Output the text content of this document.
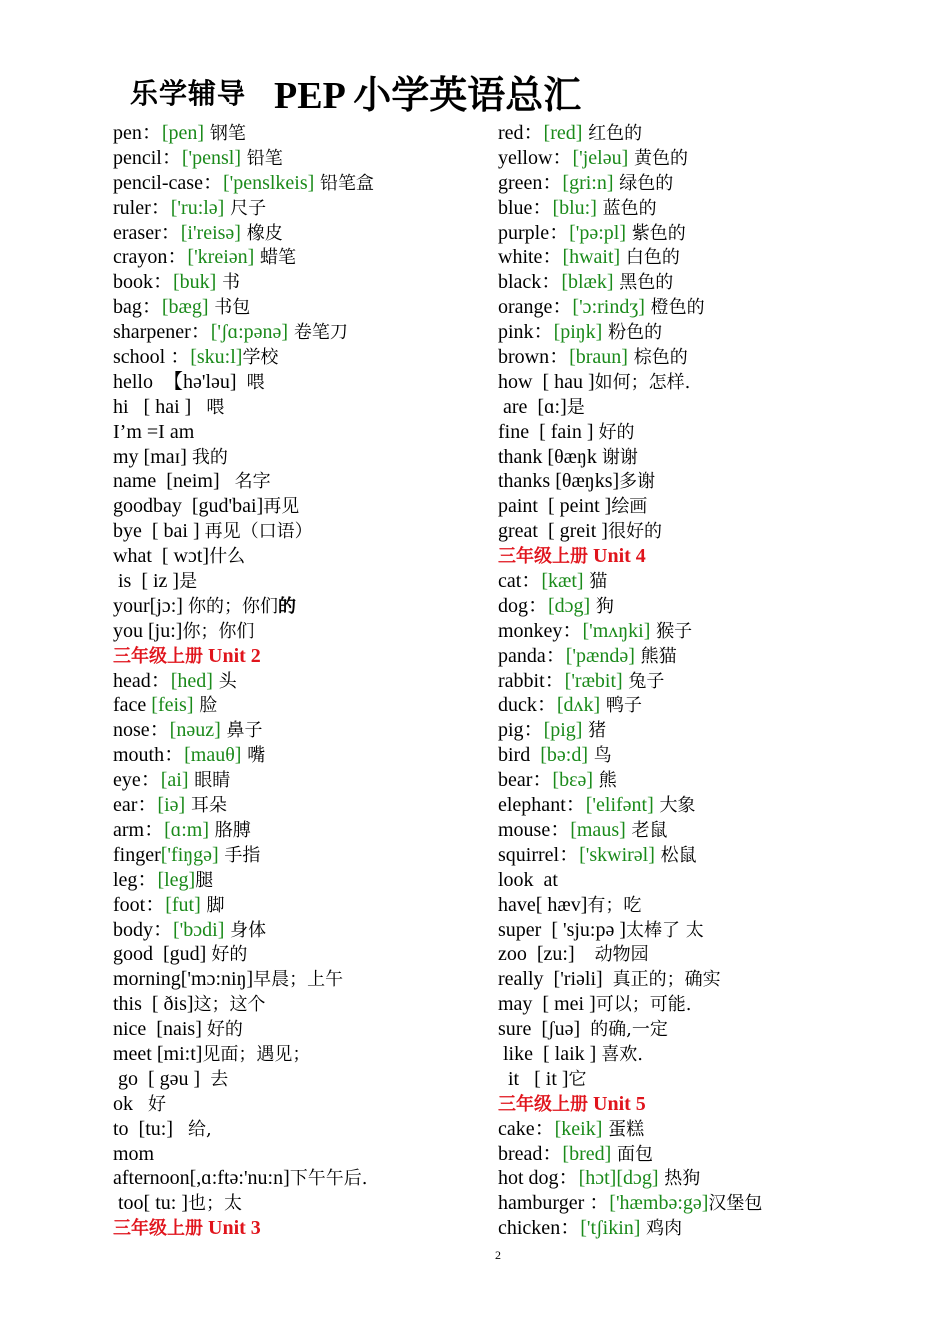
乐学辅导 PEP 小学英语总汇
pen：[pen] 钢笔
pencil：['pensl] 铅笔
pencil-case：['penslkeis] 铅笔盒
ruler：['ru:lə] 尺子
eraser：[i'reisə] 橡皮
crayon：['kreiən] 蜡笔
book：[buk] 书
bag：[bæg] 书包
sharpener：['ʃɑ:pənə] 卷笔刀
school ：[sku:l]学校
hello  【hə'ləu]  喂
hi   [ hai ]   喂
I’m =I am
my [maɪ] 我的
name  [neim]   名字
goodbay  [gud'bai]再见
bye  [ bai ] 再见（口语）
what  [ wɔt]什么
is  [ iz ]是
your[jɔ:] 你的；你们的
you [ju:]你；你们
三年级上册 Unit 2
head：[hed] 头
face [feis] 脸
nose：[nəuz] 鼻子
mouth：[mauθ] 嘴
eye：[ai] 眼睛
ear：[iə] 耳朵
arm：[ɑ:m] 胳膊
finger['fiŋgə] 手指
leg：[leg]腿
foot：[fut] 脚
body：['bɔdi] 身体
good  [gud] 好的
morning['mɔ:niŋ]早晨；上午
this  [ ðis]这；这个
nice  [nais] 好的
meet [mi:t]见面；遇见；
go  [ gəu ]  去
ok   好
to  [tu:]   给,
mom
afternoon[,ɑ:ftə:'nu:n]下午午后.
too[ tu: ]也；太
三年级上册 Unit 3
red：[red] 红色的
yellow：['jeləu] 黄色的
green：[gri:n] 绿色的
blue：[blu:] 蓝色的
purple：['pə:pl] 紫色的
white：[hwait] 白色的
black：[blæk] 黑色的
orange：['ɔ:rindʒ] 橙色的
pink：[piŋk] 粉色的
brown：[braun] 棕色的
how  [ hau ]如何；怎样.
are  [ɑ:]是
fine  [ fain ] 好的
thank [θæŋk 谢谢
thanks [θæŋks]多谢
paint  [ peint ]绘画
great  [ greit ]很好的
三年级上册 Unit 4
cat：[kæt] 猫
dog：[dɔg] 狗
monkey：['mʌŋki] 猴子
panda：['pændə] 熊猫
rabbit：['ræbit] 兔子
duck：[dʌk] 鸭子
pig：[pig] 猪
bird  [bə:d] 鸟
bear：[bεə] 熊
elephant：['elifənt] 大象
mouse：[maus] 老鼠
squirrel：['skwirəl] 松鼠
look  at
have[ hæv]有；吃
super  [ 'sju:pə ]太棒了 太
zoo  [zu:]    动物园
really  ['riəli]  真正的；确实
may  [ mei ]可以；可能.
sure  [ʃuə]  的确,一定
like  [ laik ] 喜欢.
it   [ it ]它
三年级上册 Unit 5
cake：[keik] 蛋糕
bread：[bred] 面包
hot dog：[hɔt][dɔg] 热狗
hamburger ：['hæmbə:gə]汉堡包
chicken：['tʃikin] 鸡肉
2
